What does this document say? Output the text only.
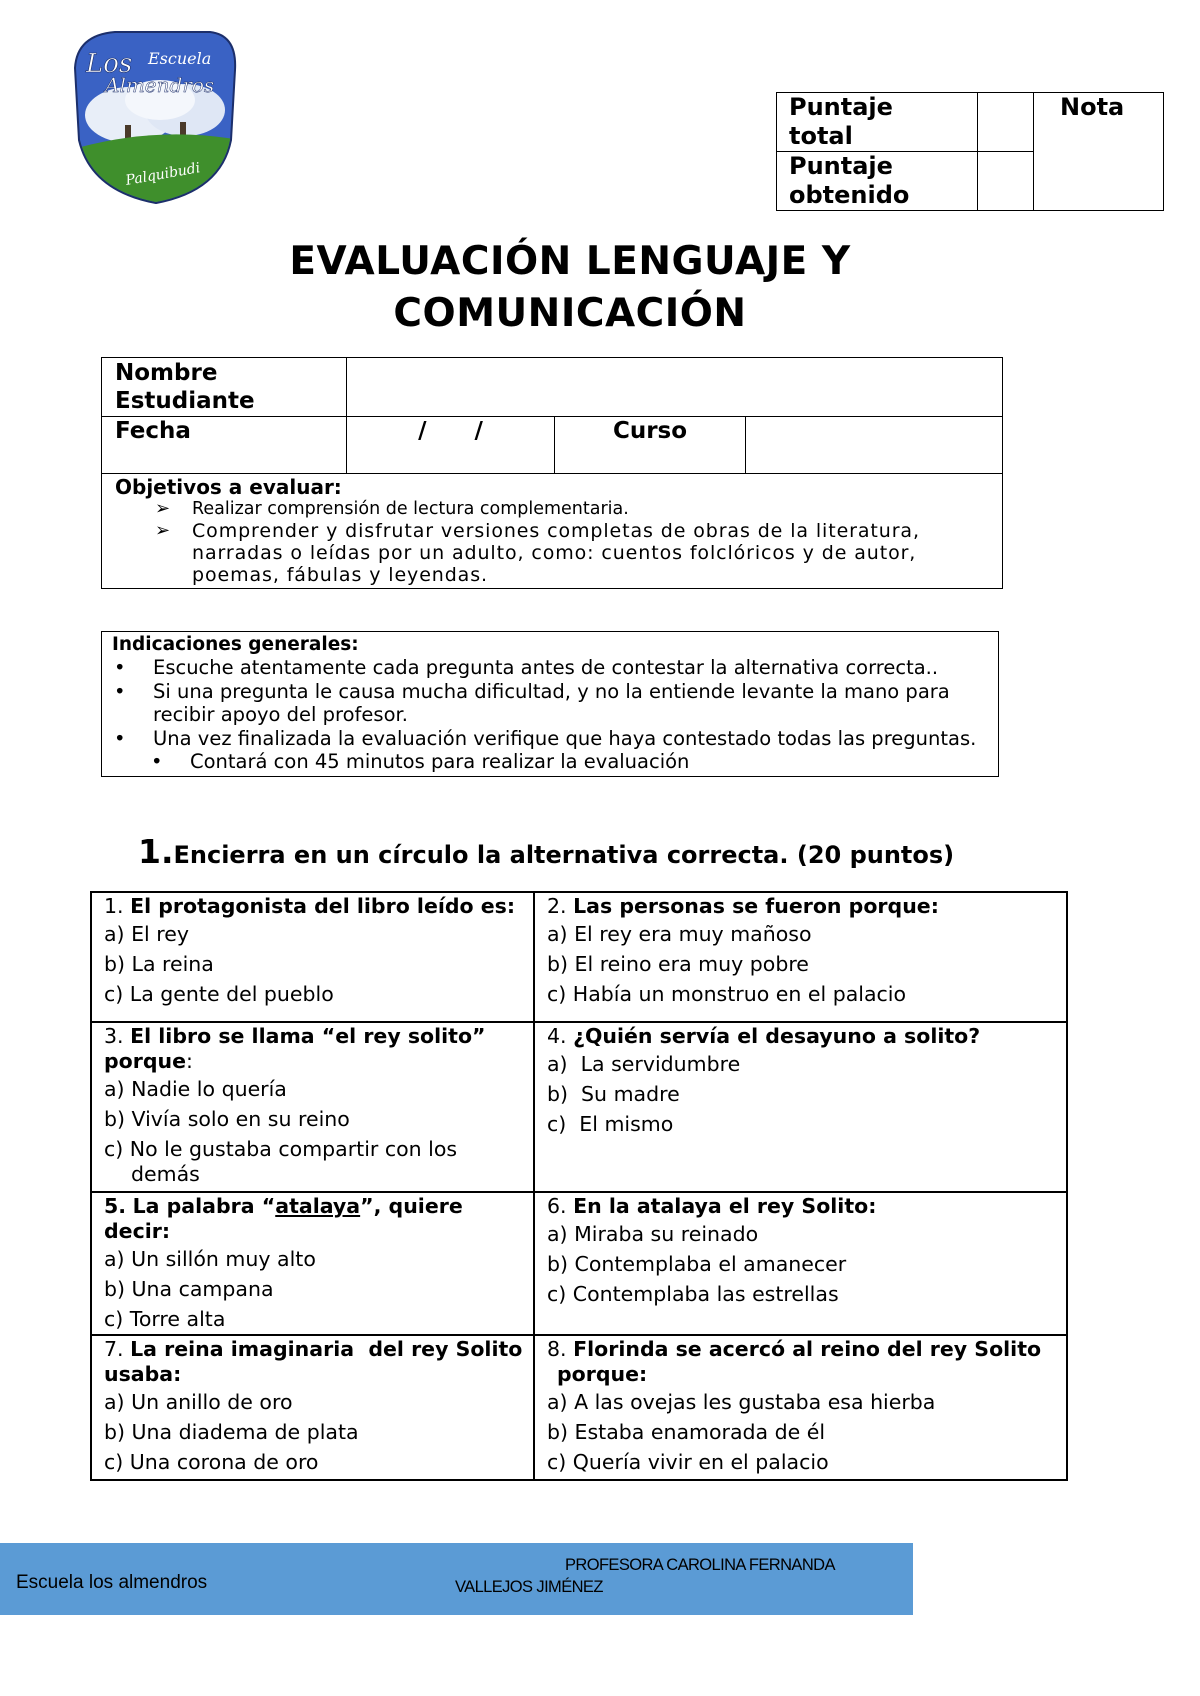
Los Escuela
Almendros
Palquibudi
Puntaje total		Nota
Puntaje obtenido		
EVALUACIÓN LENGUAJE Y
COMUNICACIÓN
Nombre Estudiante
Fecha	/      /	Curso
Objetivos a evaluar:
➢	Realizar comprensión de lectura complementaria.
➢	Comprender y disfrutar versiones completas de obras de la literatura, narradas o leídas por un adulto, como: cuentos folclóricos y de autor, poemas, fábulas y leyendas.
Indicaciones generales:
•	Escuche atentamente cada pregunta antes de contestar la alternativa correcta..
•	Si una pregunta le causa mucha dificultad, y no la entiende levante la mano para recibir apoyo del profesor.
•	Una vez finalizada la evaluación verifique que haya contestado todas las preguntas.
•	Contará con 45 minutos para realizar la evaluación
1.Encierra en un círculo la alternativa correcta. (20 puntos)
1. El protagonista del libro leído es:
a) El rey
b) La reina
c) La gente del pueblo
2. Las personas se fueron porque:
a) El rey era muy mañoso
b) El reino era muy pobre
c) Había un monstruo en el palacio
3. El libro se llama “el rey solito” porque:
a) Nadie lo quería
b) Vivía solo en su reino
c) No le gustaba compartir con los demás
4. ¿Quién servía el desayuno a solito?
a)  La servidumbre
b)  Su madre
c)  El mismo
5. La palabra “atalaya”, quiere decir:
a) Un sillón muy alto
b) Una campana
c) Torre alta
6. En la atalaya el rey Solito:
a) Miraba su reinado
b) Contemplaba el amanecer
c) Contemplaba las estrellas
7. La reina imaginaria  del rey Solito usaba:
a) Un anillo de oro
b) Una diadema de plata
c) Una corona de oro
8. Florinda se acercó al reino del rey Solito porque:
a) A las ovejas les gustaba esa hierba
b) Estaba enamorada de él
c) Quería vivir en el palacio
Escuela los almendros
PROFESORA CAROLINA FERNANDA
VALLEJOS JIMÉNEZ
